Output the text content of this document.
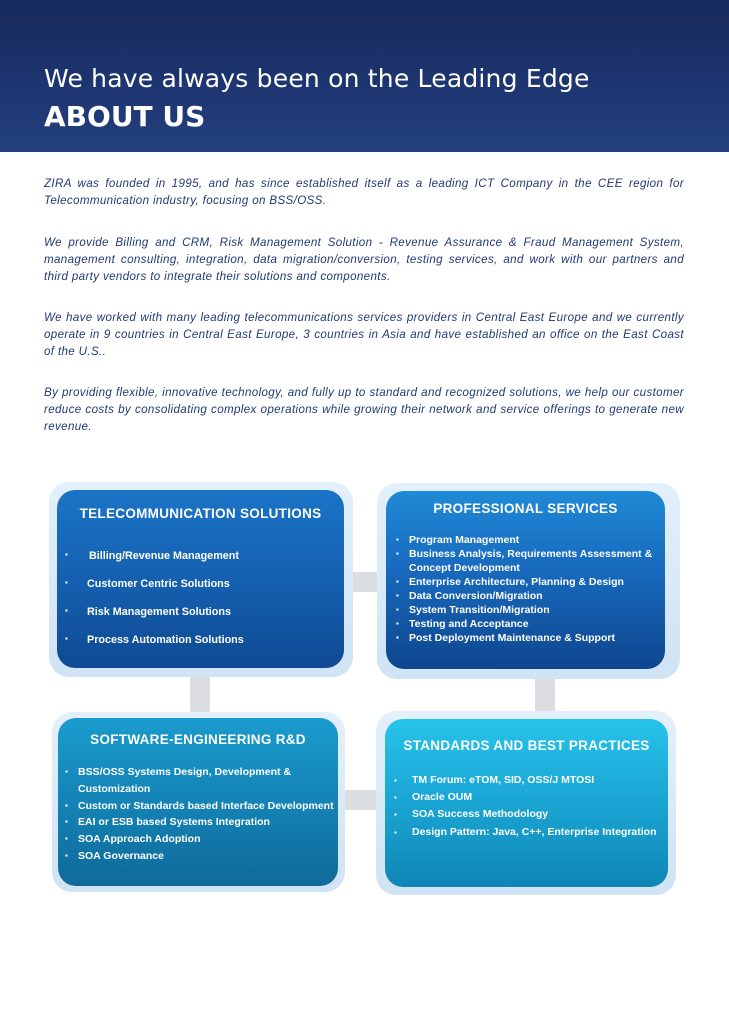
We have always been on the Leading Edge
ABOUT US

ZIRA was founded in 1995, and has since established itself as a leading ICT Company in the CEE region for Telecommunication industry, focusing on BSS/OSS.

We provide Billing and CRM, Risk Management Solution - Revenue Assurance & Fraud Management System, management consulting, integration, data migration/conversion, testing services, and work with our partners and third party vendors to integrate their solutions and components.

We have worked with many leading telecommunications services providers in Central East Europe and we currently operate in 9 countries in Central East Europe, 3 countries in Asia and have established an office on the East Coast of the U.S..

By providing flexible, innovative technology, and fully up to standard and recognized solutions, we help our customer reduce costs by consolidating complex operations while growing their network and service offerings to generate new revenue.

TELECOMMUNICATION SOLUTIONS
▪ Billing/Revenue Management
▪ Customer Centric Solutions
▪ Risk Management Solutions
▪ Process Automation Solutions
PROFESSIONAL SERVICES
▪ Program Management
▪ Business Analysis, Requirements Assessment &
Concept Development
▪ Enterprise Architecture, Planning & Design
▪ Data Conversion/Migration
▪ System Transition/Migration
▪ Testing and Acceptance
▪ Post Deployment Maintenance & Support
SOFTWARE-ENGINEERING R&D
▪ BSS/OSS Systems Design, Development &
Customization
▪ Custom or Standards based Interface Development
▪ EAI or ESB based Systems Integration
▪ SOA Approach Adoption
▪ SOA Governance
STANDARDS AND BEST PRACTICES
▪ TM Forum: eTOM, SID, OSS/J MTOSI
▪ Oracle OUM
▪ SOA Success Methodology
▪ Design Pattern: Java, C++, Enterprise Integration
